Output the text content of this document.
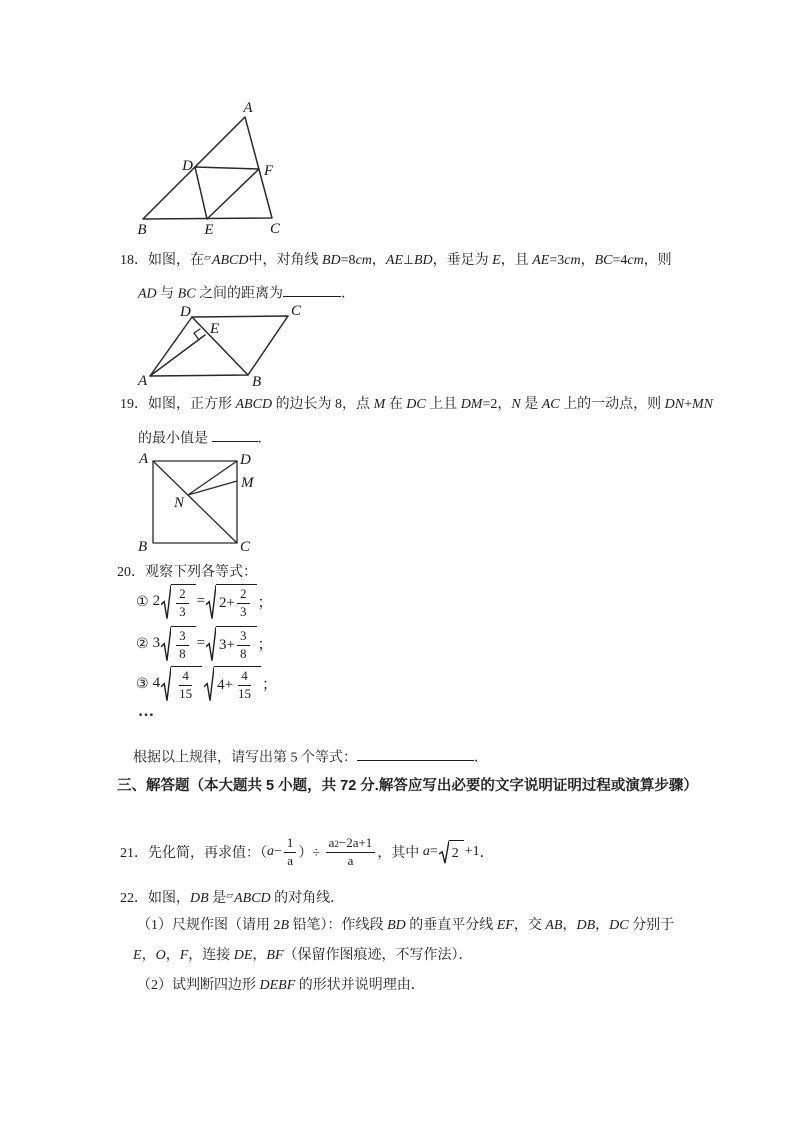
A
D	F
B	E	C
18．如图，在▱ABCD中，对角线 BD=8cm，AE⊥BD，垂足为 E，且 AE=3cm，BC=4cm，则
AD 与 BC 之间的距离为	．
D	C
E
A	B
19．如图，正方形 ABCD 的边长为 8，点 M 在 DC 上且 DM=2，N 是 AC 上的一动点，则 DN+MN
的最小值是	．
A	D
M
N
B	C
20．观察下列各等式：
① $2 \frac{2}{3} = 2+ \frac{2}{3}$ ；
② $3 \frac{3}{8} = 3+ \frac{3}{8}$ ；
③ $4 \frac{4}{15} 4+ \frac{4}{15}$ ；
…
根据以上规律，请写出第 5 个等式：	．
三、解答题（本大题共 5 小题，共 72 分.解答应写出必要的文字说明证明过程或演算步骤）
21．先化简，再求值：（ $a - \frac{1}{a}$ ）÷ $\frac{a 2 -2a+1}{a}$ ，其中 a = 2 +1 ．
22．如图，DB 是▱ABCD 的对角线．
（1）尺规作图（请用 2B 铅笔）：作线段 BD 的垂直平分线 EF，交 AB，DB，DC 分别于
E，O，F，连接 DE，BF（保留作图痕迹，不写作法）．
（2）试判断四边形 DEBF 的形状并说明理由．
